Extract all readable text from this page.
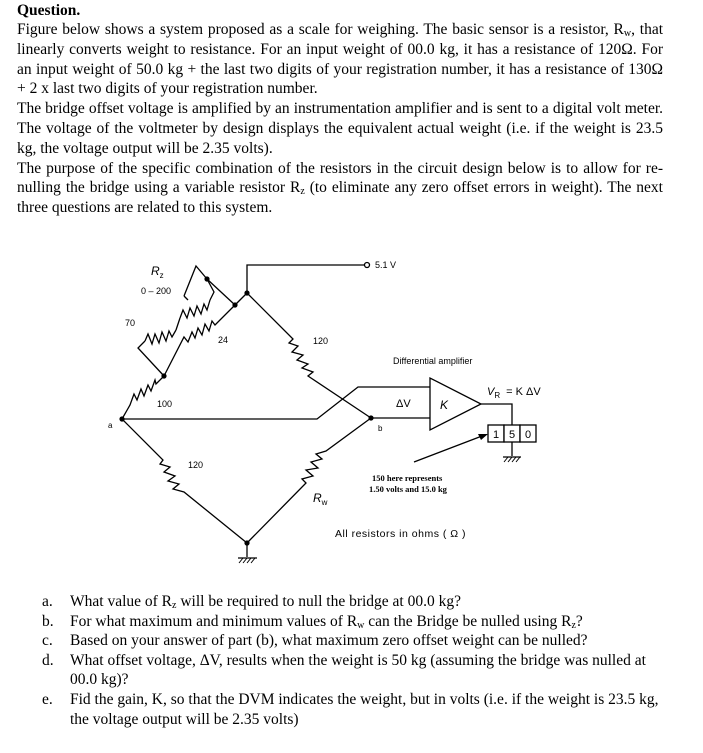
Question.

Figure below shows a system proposed as a scale for weighing. The basic sensor is a resistor, $R_w$, that linearly converts weight to resistance. For an input weight of 00.0 kg, it has a resistance of 120Ω. For an input weight of 50.0 kg + the last two digits of your registration number, it has a resistance of 130Ω + 2 x last two digits of your registration number.

The bridge offset voltage is amplified by an instrumentation amplifier and is sent to a digital volt meter. The voltage of the voltmeter by design displays the equivalent actual weight (i.e. if the weight is 23.5 kg, the voltage output will be 2.35 volts).

The purpose of the specific combination of the resistors in the circuit design below is to allow for re-nulling the bridge using a variable resistor $R_z$ (to eliminate any zero offset errors in weight). The next three questions are related to this system.

5.1 V
$R_z$
0 – 200
70
24
100
120
120
$R_w$
a	b
Differential amplifier
K
ΔV
$V_R = K$ ΔV
1 5 0
All resistors in ohms ( Ω )
150 here represents
1.50 volts and 15.0 kg
a. What value of $R_z$ will be required to null the bridge at 00.0 kg?
b. For what maximum and minimum values of $R_w$ can the Bridge be nulled using $R_z$?
c. Based on your answer of part (b), what maximum zero offset weight can be nulled?
d. What offset voltage, ΔV, results when the weight is 50 kg (assuming the bridge was nulled at 00.0 kg)?
e. Fid the gain, K, so that the DVM indicates the weight, but in volts (i.e. if the weight is 23.5 kg, the voltage output will be 2.35 volts)
